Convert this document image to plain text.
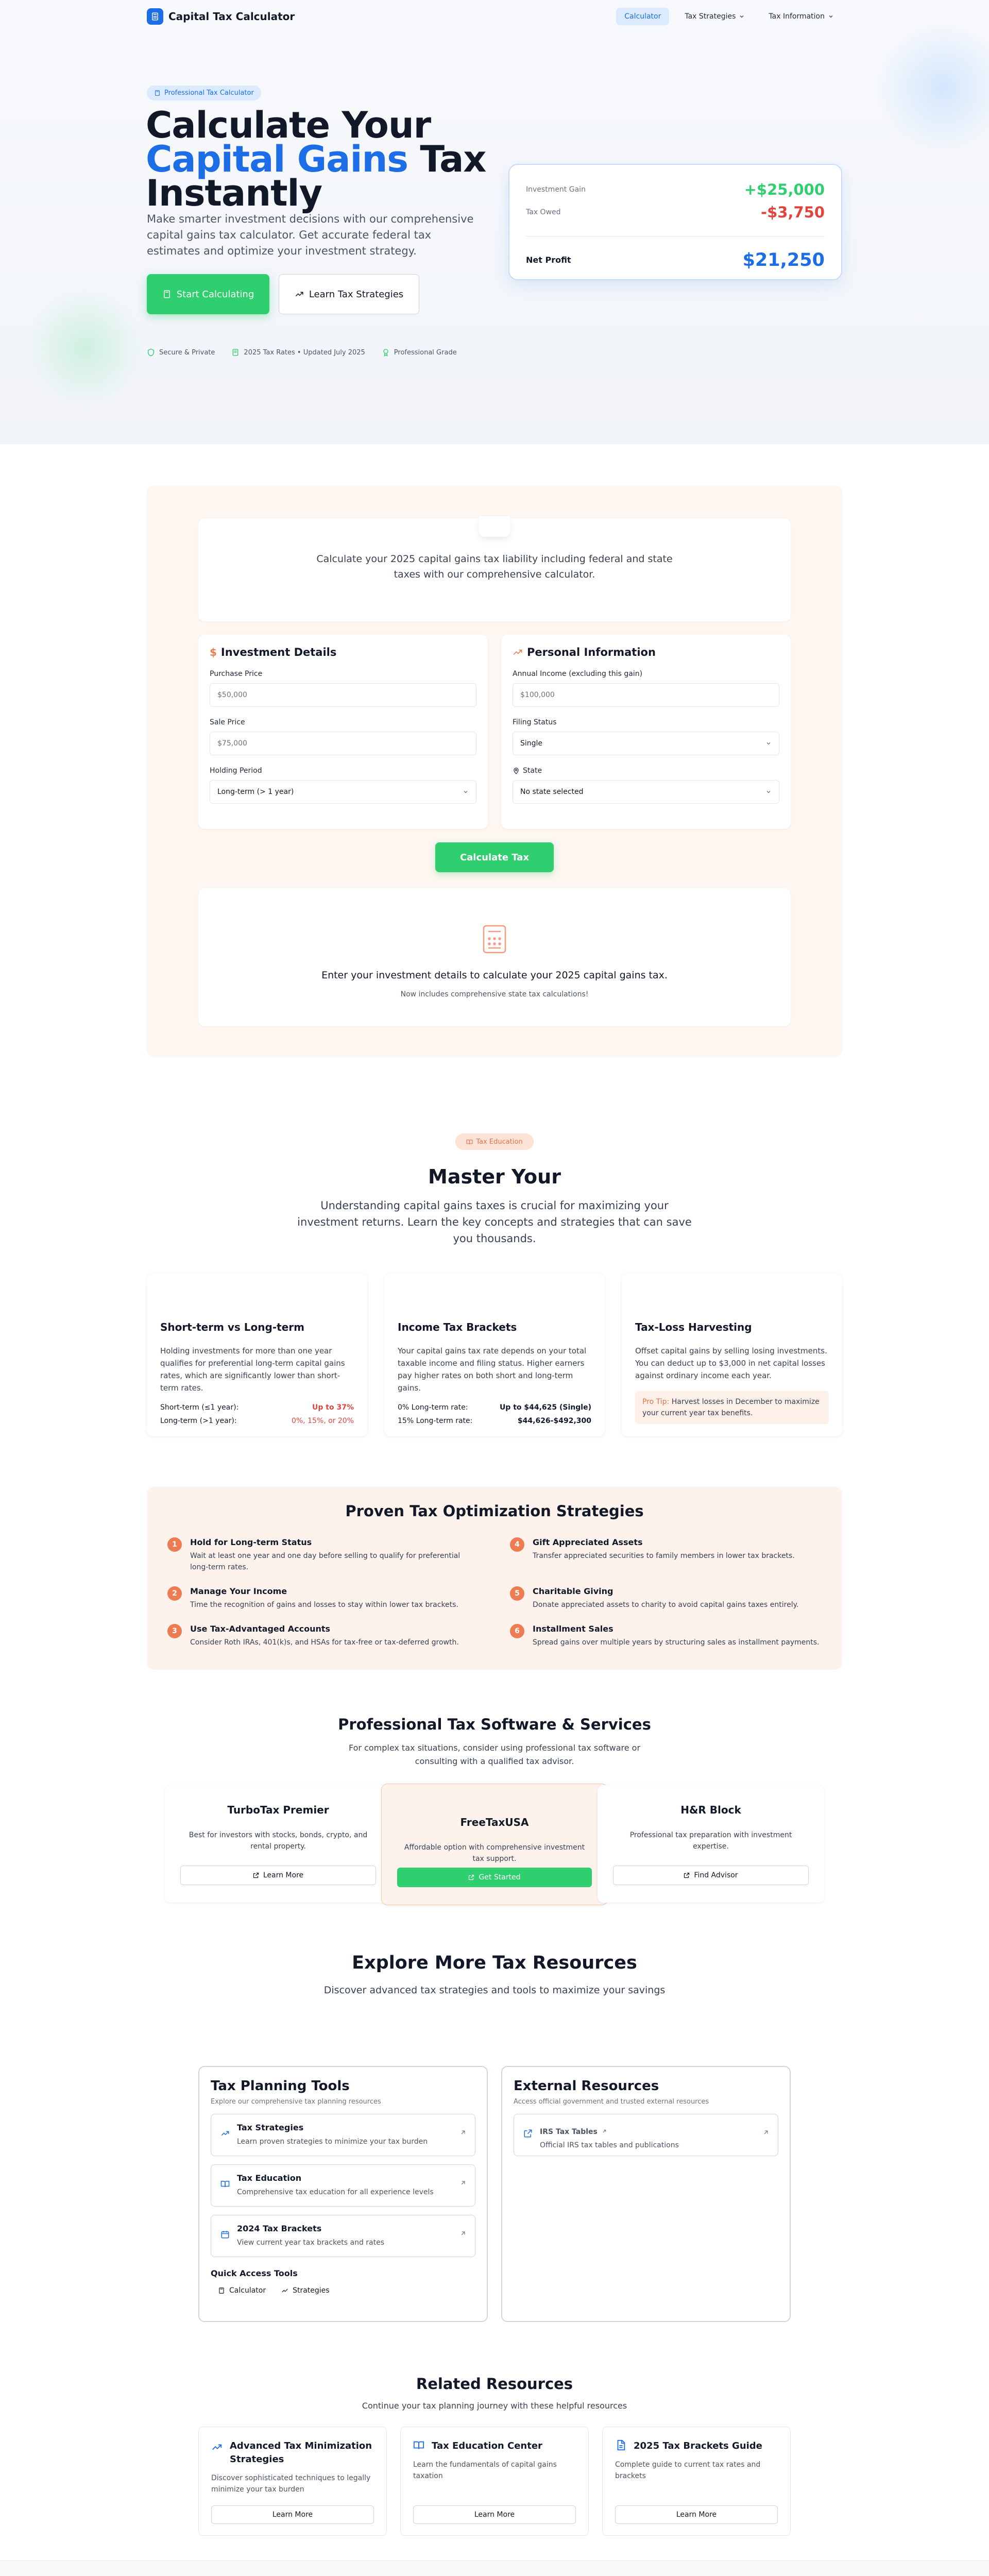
Capital Tax Calculator	Calculator	Tax Strategies	Tax Information
Professional Tax Calculator
Calculate Your
Capital Gains Tax
Instantly

Make smarter investment decisions with our comprehensive capital gains tax calculator. Get accurate federal tax estimates and optimize your investment strategy.

Start Calculating	Learn Tax Strategies
Secure & Private	2025 Tax Rates • Updated July 2025	Professional Grade
Investment Gain	+$25,000
Tax Owed	-$3,750
Net Profit	$21,250

Calculate your 2025 capital gains tax liability including federal and state taxes with our comprehensive calculator.

$ Investment Details
Purchase Price
$50,000
Sale Price
$75,000
Holding Period
Long-term (> 1 year)
Personal Information
Annual Income (excluding this gain)
$100,000
Filing Status
Single
State
No state selected
Calculate Tax

Enter your investment details to calculate your 2025 capital gains tax.

Now includes comprehensive state tax calculations!
Tax Education
Master Your

Understanding capital gains taxes is crucial for maximizing your investment returns. Learn the key concepts and strategies that can save you thousands.

Short-term vs Long-term

Holding investments for more than one year qualifies for preferential long-term capital gains rates, which are significantly lower than short-term rates.

Short-term (≤1 year):	Up to 37%
Long-term (>1 year):	0%, 15%, or 20%
Income Tax Brackets

Your capital gains tax rate depends on your total taxable income and filing status. Higher earners pay higher rates on both short and long-term gains.

0% Long-term rate:	Up to $44,625 (Single)
15% Long-term rate:	$44,626-$492,300
Tax-Loss Harvesting

Offset capital gains by selling losing investments. You can deduct up to $3,000 in net capital losses against ordinary income each year.

Pro Tip: Harvest losses in December to maximize your current year tax benefits.
Proven Tax Optimization Strategies
1	Hold for Long-term Status
Wait at least one year and one day before selling to qualify for preferential long-term rates.
4	Gift Appreciated Assets
Transfer appreciated securities to family members in lower tax brackets.
2	Manage Your Income
Time the recognition of gains and losses to stay within lower tax brackets.
5	Charitable Giving
Donate appreciated assets to charity to avoid capital gains taxes entirely.
3	Use Tax-Advantaged Accounts
Consider Roth IRAs, 401(k)s, and HSAs for tax-free or tax-deferred growth.
6	Installment Sales
Spread gains over multiple years by structuring sales as installment payments.
Professional Tax Software & Services

For complex tax situations, consider using professional tax software or consulting with a qualified tax advisor.

TurboTax Premier

Best for investors with stocks, bonds, crypto, and rental property.

Learn More
FreeTaxUSA

Affordable option with comprehensive investment tax support.

Get Started
H&R Block

Professional tax preparation with investment expertise.

Find Advisor
Explore More Tax Resources

Discover advanced tax strategies and tools to maximize your savings

Tax Planning Tools
Explore our comprehensive tax planning resources
Tax Strategies
Learn proven strategies to minimize your tax burden
Tax Education
Comprehensive tax education for all experience levels
2024 Tax Brackets
View current year tax brackets and rates
Quick Access Tools
Calculator	Strategies
External Resources
Access official government and trusted external resources
IRS Tax Tables
Official IRS tax tables and publications
Related Resources

Continue your tax planning journey with these helpful resources

Advanced Tax Minimization Strategies

Discover sophisticated techniques to legally minimize your tax burden

Learn More
Tax Education Center

Learn the fundamentals of capital gains taxation

Learn More
2025 Tax Brackets Guide

Complete guide to current tax rates and brackets

Learn More
